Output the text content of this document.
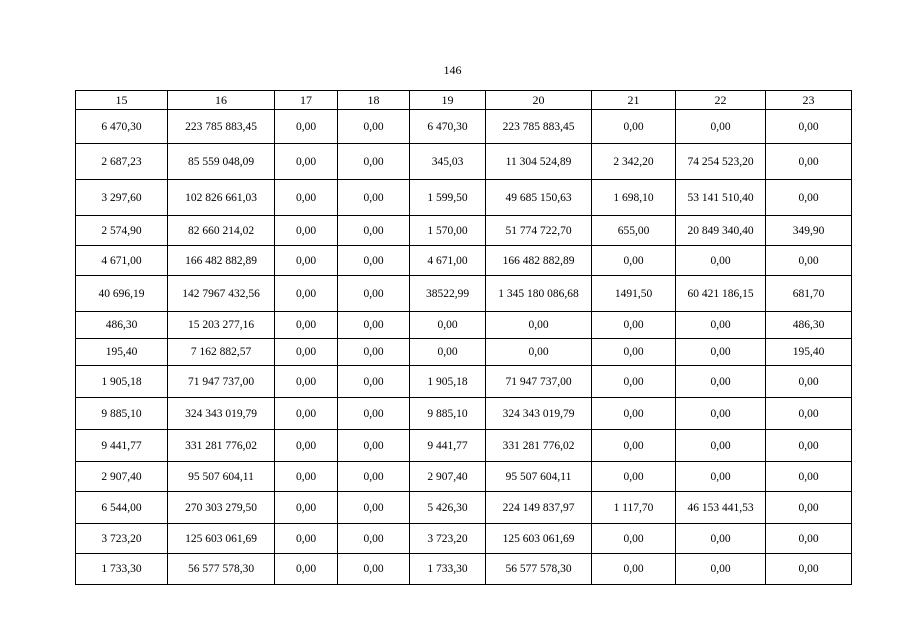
146
15	16	17	18	19	20	21	22	23
6 470,30	223 785 883,45	0,00	0,00	6 470,30	223 785 883,45	0,00	0,00	0,00
2 687,23	85 559 048,09	0,00	0,00	345,03	11 304 524,89	2 342,20	74 254 523,20	0,00
3 297,60	102 826 661,03	0,00	0,00	1 599,50	49 685 150,63	1 698,10	53 141 510,40	0,00
2 574,90	82 660 214,02	0,00	0,00	1 570,00	51 774 722,70	655,00	20 849 340,40	349,90
4 671,00	166 482 882,89	0,00	0,00	4 671,00	166 482 882,89	0,00	0,00	0,00
40 696,19	142 7967 432,56	0,00	0,00	38522,99	1 345 180 086,68	1491,50	60 421 186,15	681,70
486,30	15 203 277,16	0,00	0,00	0,00	0,00	0,00	0,00	486,30
195,40	7 162 882,57	0,00	0,00	0,00	0,00	0,00	0,00	195,40
1 905,18	71 947 737,00	0,00	0,00	1 905,18	71 947 737,00	0,00	0,00	0,00
9 885,10	324 343 019,79	0,00	0,00	9 885,10	324 343 019,79	0,00	0,00	0,00
9 441,77	331 281 776,02	0,00	0,00	9 441,77	331 281 776,02	0,00	0,00	0,00
2 907,40	95 507 604,11	0,00	0,00	2 907,40	95 507 604,11	0,00	0,00	0,00
6 544,00	270 303 279,50	0,00	0,00	5 426,30	224 149 837,97	1 117,70	46 153 441,53	0,00
3 723,20	125 603 061,69	0,00	0,00	3 723,20	125 603 061,69	0,00	0,00	0,00
1 733,30	56 577 578,30	0,00	0,00	1 733,30	56 577 578,30	0,00	0,00	0,00
